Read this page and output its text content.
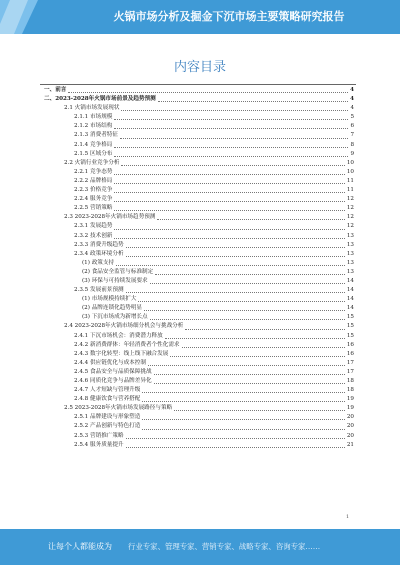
火锅市场分析及掘金下沉市场主要策略研究报告
内容目录
一、前言	4
二、2023-2028年火锅市场前景及趋势预测	4
2.1 火锅市场发展现状	4
2.1.1 市场规模	5
2.1.2 市场结构	6
2.1.3 消费者特征	7
2.1.4 竞争格局	8
2.1.5 区域分布	9
2.2 火锅行业竞争分析	10
2.2.1 竞争态势	10
2.2.2 品牌格局	11
2.2.3 价格竞争	11
2.2.4 服务竞争	12
2.2.5 营销策略	12
2.3 2023-2028年火锅市场趋势预测	12
2.3.1 发展趋势	12
2.3.2 技术创新	13
2.3.3 消费升级趋势	13
2.3.4 政策环境分析	13
(1) 政策支持	13
(2) 食品安全监管与标准制定	13
(3) 环保与可持续发展要求	14
2.3.5 发展前景预测	14
(1) 市场规模持续扩大	14
(2) 品牌连锁化趋势明显	14
(3) 下沉市场成为新增长点	15
2.4 2023-2028年火锅市场细分机会与挑战分析	15
2.4.1 下沉市场机会：消费潜力释放	15
2.4.2 新消费群体：年轻消费者个性化需求	16
2.4.3 数字化转型：线上线下融合发展	16
2.4.4 供应链优化与成本控制	17
2.4.5 食品安全与品质保障挑战	17
2.4.6 同质化竞争与品牌差异化	18
2.4.7 人才短缺与管理升级	18
2.4.8 健康饮食与营养搭配	19
2.5 2023-2028年火锅市场发展路径与策略	19
2.5.1 品牌建设与形象塑造	20
2.5.2 产品创新与特色打造	20
2.5.3 营销推广策略	20
2.5.4 服务质量提升	21
1
让每个人都能成为 行业专家、管理专家、营销专家、战略专家、咨询专家……
